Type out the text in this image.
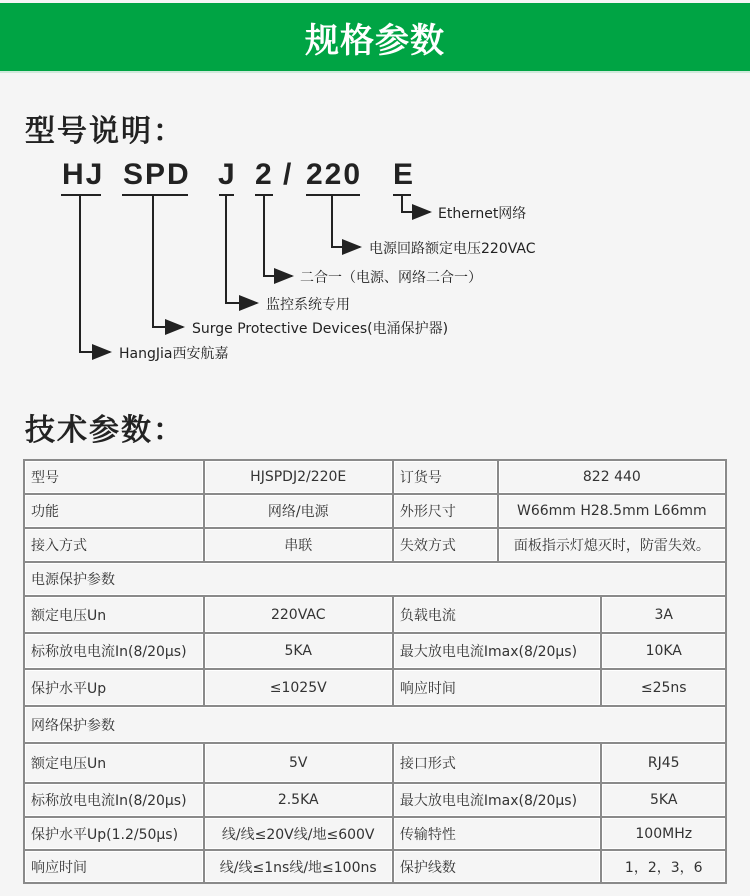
规格参数
型号说明：
HJ SPD J 2 / 220 E
Ethernet网络
电源回路额定电压220VAC
二合一（电源、网络二合一）
监控系统专用
Surge Protective Devices(电涌保护器)
HangJia西安航嘉
技术参数：
型号	HJSPDJ2/220E	订货号	822 440	
功能	网络/电源	外形尺寸	W66mm H28.5mm L66mm	
接入方式	串联	失效方式	面板指示灯熄灭时，防雷失效。	
电源保护参数				
额定电压Un	220VAC	负载电流		3A
标称放电电流In(8/20μs)	5KA	最大放电电流Imax(8/20μs)		10KA
保护水平Up	≤1025V	响应时间		≤25ns
网络保护参数				
额定电压Un	5V	接口形式		RJ45
标称放电电流In(8/20μs)	2.5KA	最大放电电流Imax(8/20μs)		5KA
保护水平Up(1.2/50μs)	线/线≤20V线/地≤600V	传输特性		100MHz
响应时间	线/线≤1ns线/地≤100ns	保护线数		1，2，3，6
